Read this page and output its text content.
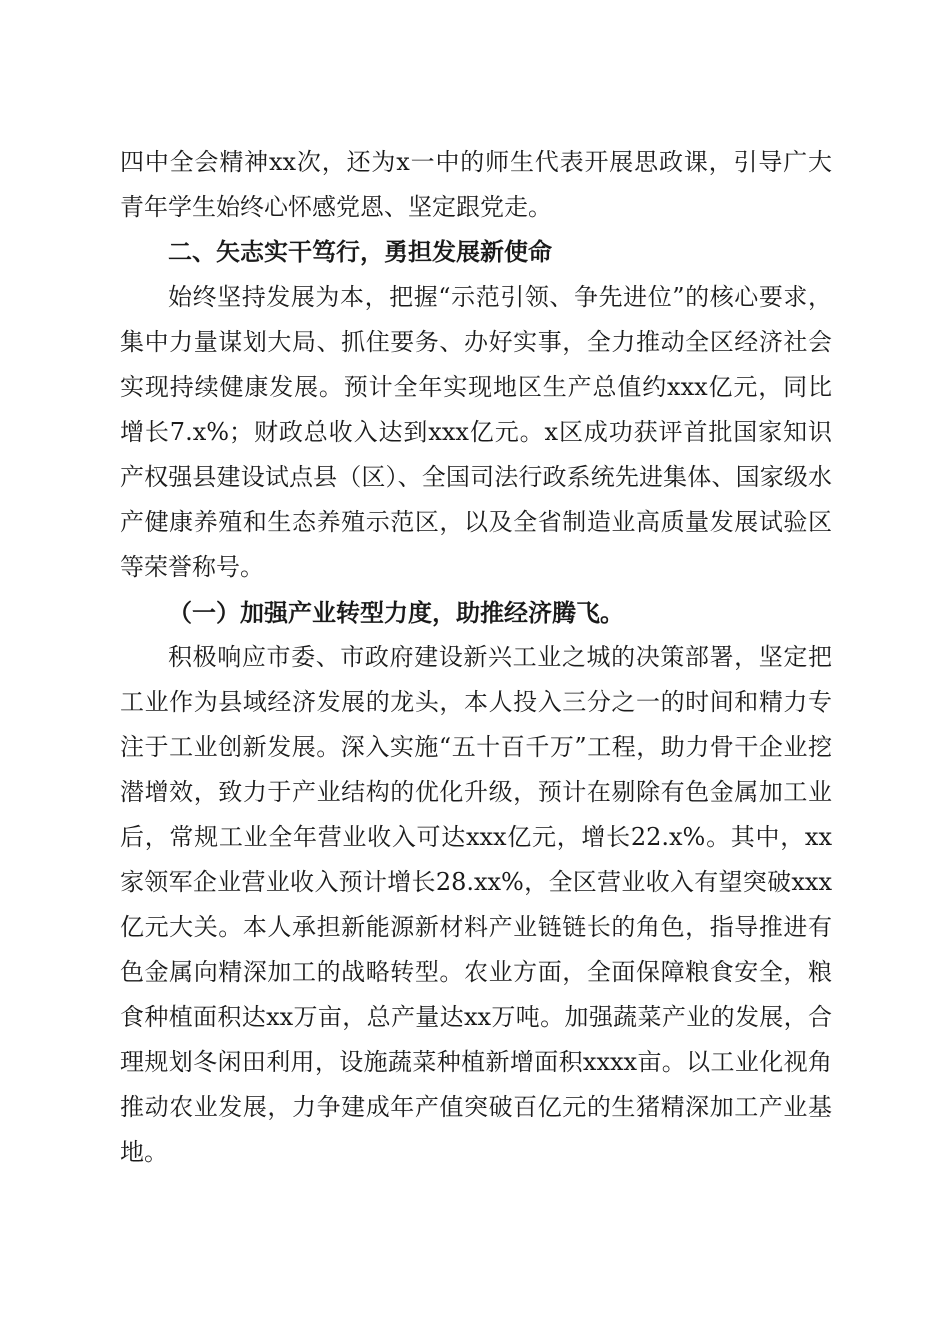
四中全会精神xx次，还为x一中的师生代表开展思政课，引导广大青年学生始终心怀感党恩、坚定跟党走。

二、矢志实干笃行，勇担发展新使命

始终坚持发展为本，把握“示范引领、争先进位”的核心要求，集中力量谋划大局、抓住要务、办好实事，全力推动全区经济社会实现持续健康发展。预计全年实现地区生产总值约xxx亿元，同比增长7.x%；财政总收入达到xxx亿元。x区成功获评首批国家知识产权强县建设试点县（区）、全国司法行政系统先进集体、国家级水产健康养殖和生态养殖示范区，以及全省制造业高质量发展试验区等荣誉称号。

（一）加强产业转型力度，助推经济腾飞。

积极响应市委、市政府建设新兴工业之城的决策部署，坚定把工业作为县域经济发展的龙头，本人投入三分之一的时间和精力专注于工业创新发展。深入实施“五十百千万”工程，助力骨干企业挖潜增效，致力于产业结构的优化升级，预计在剔除有色金属加工业后，常规工业全年营业收入可达xxx亿元，增长22.x%。其中，xx家领军企业营业收入预计增长28.xx%，全区营业收入有望突破xxx亿元大关。本人承担新能源新材料产业链链长的角色，指导推进有色金属向精深加工的战略转型。农业方面，全面保障粮食安全，粮食种植面积达xx万亩，总产量达xx万吨。加强蔬菜产业的发展，合理规划冬闲田利用，设施蔬菜种植新增面积xxxx亩。以工业化视角推动农业发展，力争建成年产值突破百亿元的生猪精深加工产业基地。
